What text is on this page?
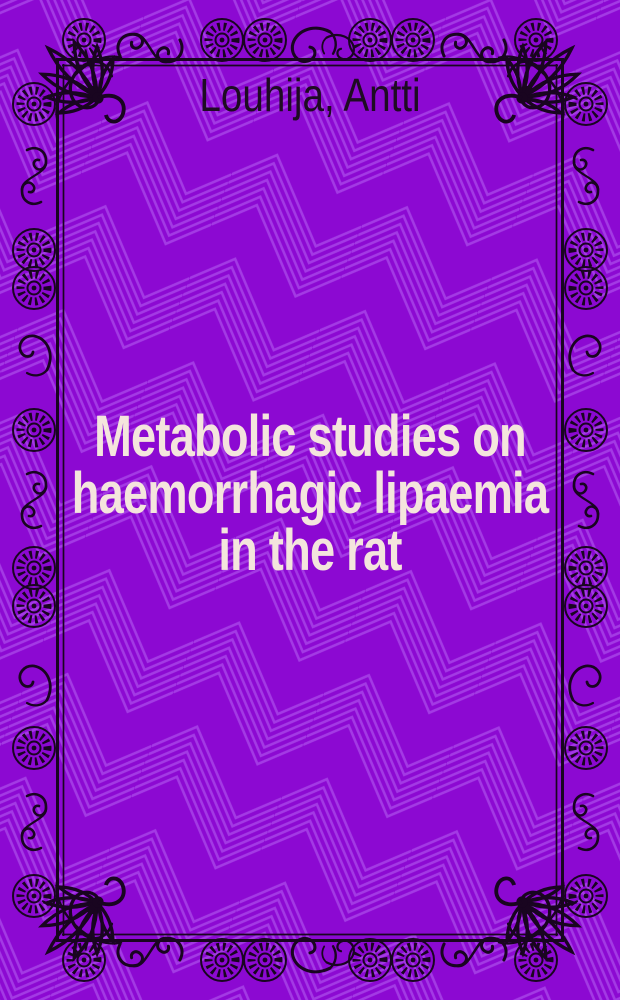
Louhija, Antti
Metabolic studies on
haemorrhagic lipaemia
in the rat
